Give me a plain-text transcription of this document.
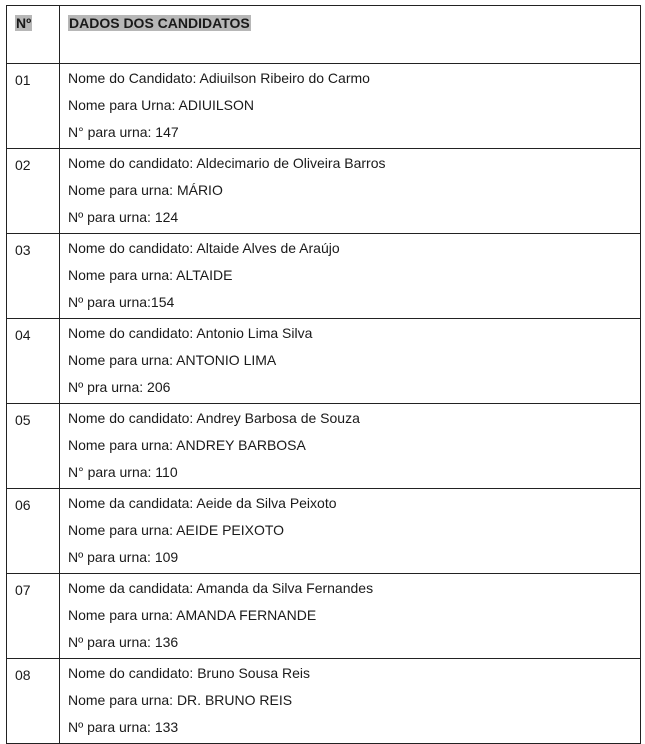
Nº	DADOS DOS CANDIDATOS
01	Nome do Candidato: Adiuilson Ribeiro do Carmo
Nome para Urna: ADIUILSON
N° para urna: 147

02	Nome do candidato: Aldecimario de Oliveira Barros
Nome para urna: MÁRIO
Nº para urna: 124

03	Nome do candidato: Altaide Alves de Araújo
Nome para urna: ALTAIDE
Nº para urna:154

04	Nome do candidato: Antonio Lima Silva
Nome para urna: ANTONIO LIMA
Nº pra urna: 206

05	Nome do candidato: Andrey Barbosa de Souza
Nome para urna: ANDREY BARBOSA
N° para urna: 110

06	Nome da candidata: Aeide da Silva Peixoto
Nome para urna: AEIDE PEIXOTO
Nº para urna: 109

07	Nome da candidata: Amanda da Silva Fernandes
Nome para urna: AMANDA FERNANDE
Nº para urna: 136

08	Nome do candidato: Bruno Sousa Reis
Nome para urna: DR. BRUNO REIS
Nº para urna: 133
